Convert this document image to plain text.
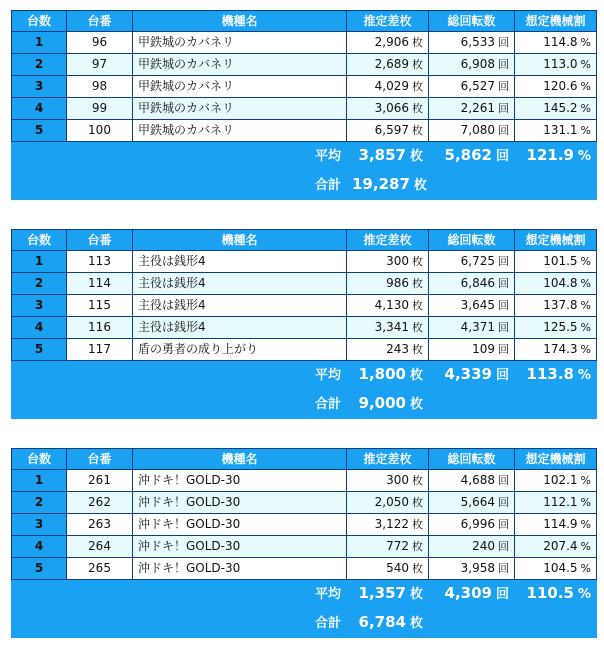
台数	台番	機種名	推定差枚	総回転数	想定機械割
1	96	甲鉄城のカバネリ	2,906 枚	6,533 回	114.8 %
2	97	甲鉄城のカバネリ	2,689 枚	6,908 回	113.0 %
3	98	甲鉄城のカバネリ	4,029 枚	6,527 回	120.6 %
4	99	甲鉄城のカバネリ	3,066 枚	2,261 回	145.2 %
5	100	甲鉄城のカバネリ	6,597 枚	7,080 回	131.1 %
平均			3,857 枚	5,862 回	121.9 %
合計			19,287 枚		
台数	台番	機種名	推定差枚	総回転数	想定機械割
1	113	主役は銭形4	300 枚	6,725 回	101.5 %
2	114	主役は銭形4	986 枚	6,846 回	104.8 %
3	115	主役は銭形4	4,130 枚	3,645 回	137.8 %
4	116	主役は銭形4	3,341 枚	4,371 回	125.5 %
5	117	盾の勇者の成り上がり	243 枚	109 回	174.3 %
平均			1,800 枚	4,339 回	113.8 %
合計			9,000 枚		
台数	台番	機種名	推定差枚	総回転数	想定機械割
1	261	沖ドキ！GOLD-30	300 枚	4,688 回	102.1 %
2	262	沖ドキ！GOLD-30	2,050 枚	5,664 回	112.1 %
3	263	沖ドキ！GOLD-30	3,122 枚	6,996 回	114.9 %
4	264	沖ドキ！GOLD-30	772 枚	240 回	207.4 %
5	265	沖ドキ！GOLD-30	540 枚	3,958 回	104.5 %
平均			1,357 枚	4,309 回	110.5 %
合計			6,784 枚		
